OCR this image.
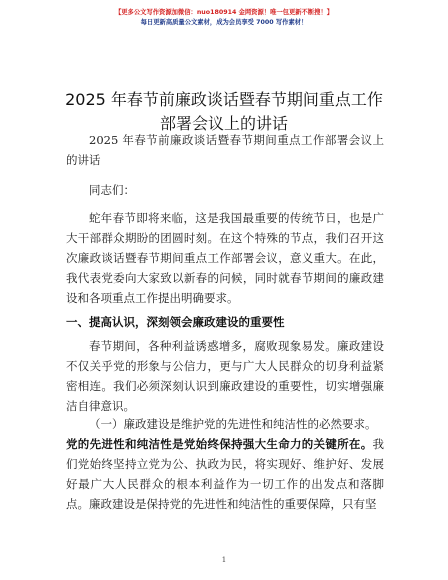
【更多公文写作资源加微信：nuo180914 金网资源！唯一包更新不断搜！】
每日更新高质量公文素材，成为会员享受 7000 写作素材！
2025 年春节前廉政谈话暨春节期间重点工作部署会议上的讲话
2025 年春节前廉政谈话暨春节期间重点工作部署会议上的讲话
同志们：
蛇年春节即将来临，这是我国最重要的传统节日，也是广大干部群众期盼的团圆时刻。在这个特殊的节点，我们召开这次廉政谈话暨春节期间重点工作部署会议，意义重大。在此，我代表党委向大家致以新春的问候，同时就春节期间的廉政建设和各项重点工作提出明确要求。
一、提高认识，深刻领会廉政建设的重要性
春节期间，各种利益诱惑增多，腐败现象易发。廉政建设不仅关乎党的形象与公信力，更与广大人民群众的切身利益紧密相连。我们必须深刻认识到廉政建设的重要性，切实增强廉洁自律意识。
（一）廉政建设是维护党的先进性和纯洁性的必然要求。
党的先进性和纯洁性是党始终保持强大生命力的关键所在。我们党始终坚持立党为公、执政为民，将实现好、维护好、发展好最广大人民群众的根本利益作为一切工作的出发点和落脚点。廉政建设是保持党的先进性和纯洁性的重要保障，只有坚
1
